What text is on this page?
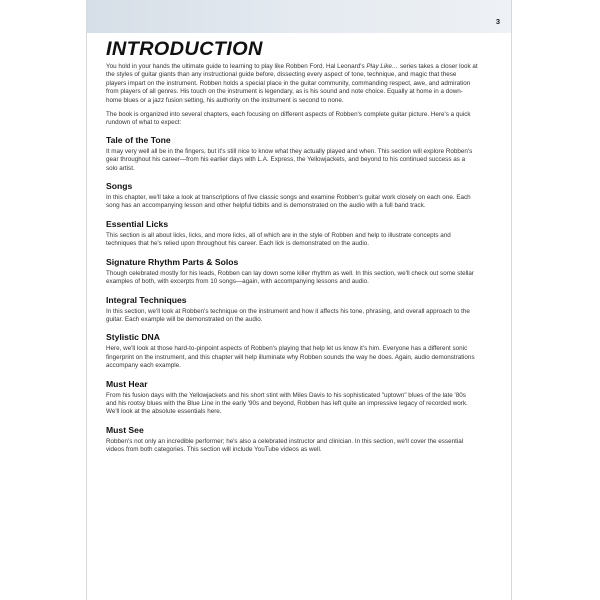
3
INTRODUCTION

You hold in your hands the ultimate guide to learning to play like Robben Ford. Hal Leonard's Play Like… series takes a closer look at the styles of guitar giants than any instructional guide before, dissecting every aspect of tone, technique, and magic that these players impart on the instrument. Robben holds a special place in the guitar community, commanding respect, awe, and admiration from players of all genres. His touch on the instrument is legendary, as is his sound and note choice. Equally at home in a down-home blues or a jazz fusion setting, his authority on the instrument is second to none.

The book is organized into several chapters, each focusing on different aspects of Robben's complete guitar picture. Here's a quick rundown of what to expect:

Tale of the Tone

It may very well all be in the fingers, but it's still nice to know what they actually played and when. This section will explore Robben's gear throughout his career—from his earlier days with L.A. Express, the Yellowjackets, and beyond to his continued success as a solo artist.

Songs

In this chapter, we'll take a look at transcriptions of five classic songs and examine Robben's guitar work closely on each one. Each song has an accompanying lesson and other helpful tidbits and is demonstrated on the audio with a full band track.

Essential Licks

This section is all about licks, licks, and more licks, all of which are in the style of Robben and help to illustrate concepts and techniques that he's relied upon throughout his career. Each lick is demonstrated on the audio.

Signature Rhythm Parts & Solos

Though celebrated mostly for his leads, Robben can lay down some killer rhythm as well. In this section, we'll check out some stellar examples of both, with excerpts from 10 songs—again, with accompanying lessons and audio.

Integral Techniques

In this section, we'll look at Robben's technique on the instrument and how it affects his tone, phrasing, and overall approach to the guitar. Each example will be demonstrated on the audio.

Stylistic DNA

Here, we'll look at those hard-to-pinpoint aspects of Robben's playing that help let us know it's him. Everyone has a different sonic fingerprint on the instrument, and this chapter will help illuminate why Robben sounds the way he does. Again, audio demonstrations accompany each example.

Must Hear

From his fusion days with the Yellowjackets and his short stint with Miles Davis to his sophisticated "uptown" blues of the late '80s and his rootsy blues with the Blue Line in the early '90s and beyond, Robben has left quite an impressive legacy of recorded work. We'll look at the absolute essentials here.

Must See

Robben's not only an incredible performer; he's also a celebrated instructor and clinician. In this section, we'll cover the essential videos from both categories. This section will include YouTube videos as well.
